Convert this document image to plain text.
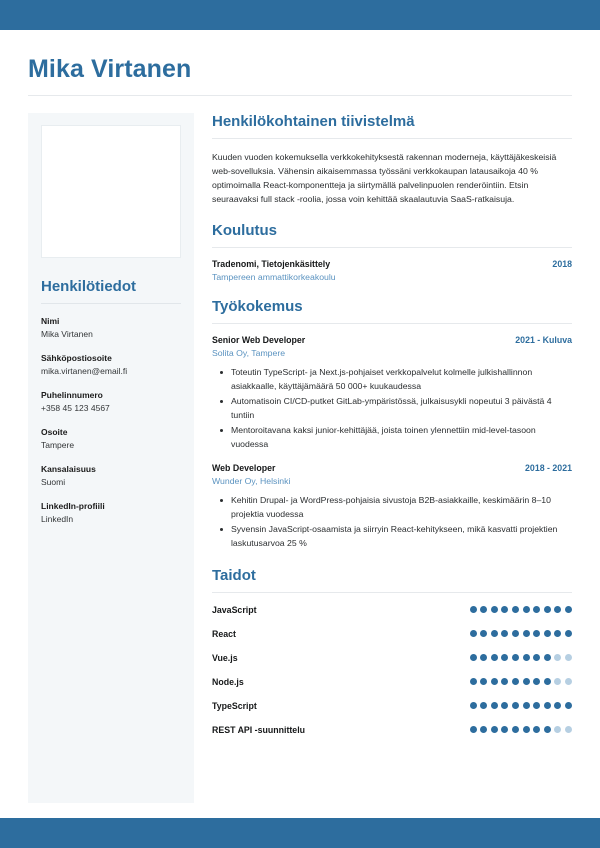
Mika Virtanen
Henkilötiedot
Nimi
Mika Virtanen
Sähköpostiosoite
mika.virtanen@email.fi
Puhelinnumero
+358 45 123 4567
Osoite
Tampere
Kansalaisuus
Suomi
LinkedIn-profiili
LinkedIn
Henkilökohtainen tiivistelmä

Kuuden vuoden kokemuksella verkkokehityksestä rakennan moderneja, käyttäjäkeskeisiä web-sovelluksia. Vähensin aikaisemmassa työssäni verkkokaupan latausaikoja 40 % optimoimalla React-komponentteja ja siirtymällä palvelinpuolen renderöintiin. Etsin seuraavaksi full stack -roolia, jossa voin kehittää skaalautuvia SaaS-ratkaisuja.

Koulutus
Tradenomi, Tietojenkäsittely	2018
Tampereen ammattikorkeakoulu
Työkokemus
Senior Web Developer	2021 - Kuluva
Solita Oy, Tampere
Toteutin TypeScript- ja Next.js-pohjaiset verkkopalvelut kolmelle julkishallinnon asiakkaalle, käyttäjämäärä 50 000+ kuukaudessa
Automatisoin CI/CD-putket GitLab-ympäristössä, julkaisusykli nopeutui 3 päivästä 4 tuntiin
Mentoroitavana kaksi junior-kehittäjää, joista toinen ylennettiin mid-level-tasoon vuodessa
Web Developer	2018 - 2021
Wunder Oy, Helsinki
Kehitin Drupal- ja WordPress-pohjaisia sivustoja B2B-asiakkaille, keskimäärin 8–10 projektia vuodessa
Syvensin JavaScript-osaamista ja siirryin React-kehitykseen, mikä kasvatti projektien laskutusarvoa 25 %
Taidot
JavaScript
React
Vue.js
Node.js
TypeScript
REST API -suunnittelu
